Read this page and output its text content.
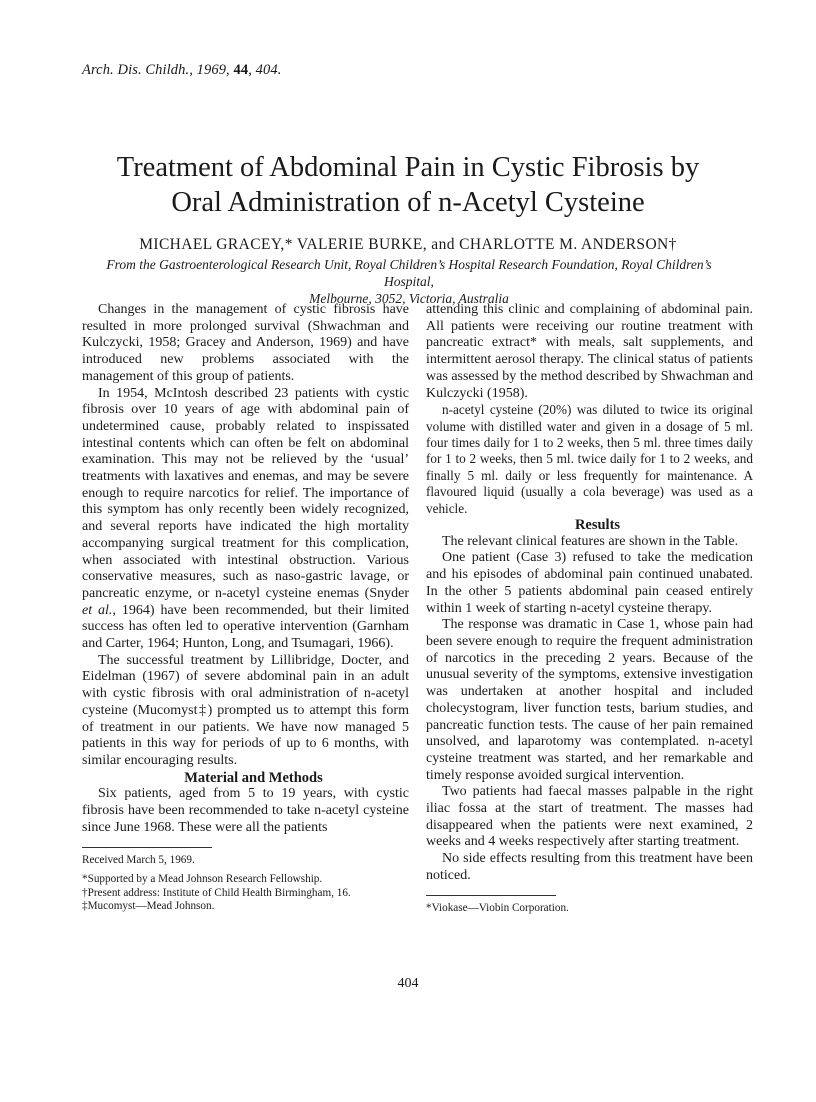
Arch. Dis. Childh., 1969, 44, 404.
Treatment of Abdominal Pain in Cystic Fibrosis by
Oral Administration of n-Acetyl Cysteine
MICHAEL GRACEY,* VALERIE BURKE, and CHARLOTTE M. ANDERSON†
From the Gastroenterological Research Unit, Royal Children’s Hospital Research Foundation, Royal Children’s Hospital,
Melbourne, 3052, Victoria, Australia

Changes in the management of cystic fibrosis have resulted in more prolonged survival (Shwachman and Kulczycki, 1958; Gracey and Anderson, 1969) and have introduced new problems associated with the management of this group of patients.

In 1954, McIntosh described 23 patients with cystic fibrosis over 10 years of age with abdominal pain of undetermined cause, probably related to inspissated intestinal contents which can often be felt on abdominal examination. This may not be relieved by the ‘usual’ treatments with laxatives and enemas, and may be severe enough to require narcotics for relief. The importance of this symptom has only recently been widely recognized, and several reports have indicated the high mortality accompanying surgical treatment for this complication, when associated with intestinal obstruction. Various conservative measures, such as naso-gastric lavage, or pancreatic enzyme, or n-acetyl cysteine enemas (Snyder et al., 1964) have been recommended, but their limited success has often led to operative intervention (Garnham and Carter, 1964; Hunton, Long, and Tsumagari, 1966).

The successful treatment by Lillibridge, Docter, and Eidelman (1967) of severe abdominal pain in an adult with cystic fibrosis with oral administration of n-acetyl cysteine (Mucomyst‡) prompted us to attempt this form of treatment in our patients. We have now managed 5 patients in this way for periods of up to 6 months, with similar encouraging results.

Material and Methods

Six patients, aged from 5 to 19 years, with cystic fibrosis have been recommended to take n-acetyl cysteine since June 1968. These were all the patients

Received March 5, 1969.

*Supported by a Mead Johnson Research Fellowship.

†Present address: Institute of Child Health Birmingham, 16.

‡Mucomyst—Mead Johnson.

attending this clinic and complaining of abdominal pain. All patients were receiving our routine treatment with pancreatic extract* with meals, salt supplements, and intermittent aerosol therapy. The clinical status of patients was assessed by the method described by Shwachman and Kulczycki (1958).

n-acetyl cysteine (20%) was diluted to twice its original volume with distilled water and given in a dosage of 5 ml. four times daily for 1 to 2 weeks, then 5 ml. three times daily for 1 to 2 weeks, then 5 ml. twice daily for 1 to 2 weeks, and finally 5 ml. daily or less frequently for maintenance. A flavoured liquid (usually a cola beverage) was used as a vehicle.

Results

The relevant clinical features are shown in the Table.

One patient (Case 3) refused to take the medication and his episodes of abdominal pain continued unabated. In the other 5 patients abdominal pain ceased entirely within 1 week of starting n-acetyl cysteine therapy.

The response was dramatic in Case 1, whose pain had been severe enough to require the frequent administration of narcotics in the preceding 2 years. Because of the unusual severity of the symptoms, extensive investigation was undertaken at another hospital and included cholecystogram, liver function tests, barium studies, and pancreatic function tests. The cause of her pain remained unsolved, and laparotomy was contemplated. n-acetyl cysteine treatment was started, and her remarkable and timely response avoided surgical intervention.

Two patients had faecal masses palpable in the right iliac fossa at the start of treatment. The masses had disappeared when the patients were next examined, 2 weeks and 4 weeks respectively after starting treatment.

No side effects resulting from this treatment have been noticed.

*Viokase—Viobin Corporation.

404
